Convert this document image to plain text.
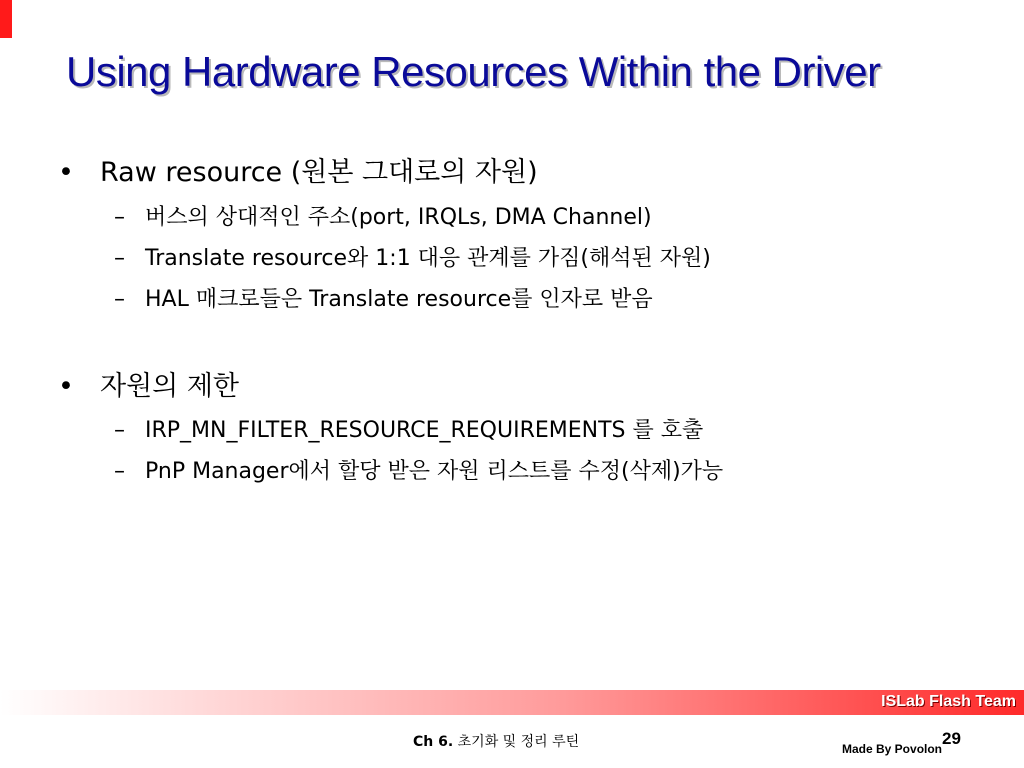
Using Hardware Resources Within the Driver
• Raw resource (원본 그대로의 자원)
– 버스의 상대적인 주소(port, IRQLs, DMA Channel)
– Translate resource와 1:1 대응 관계를 가짐(해석된 자원)
– HAL 매크로들은 Translate resource를 인자로 받음
• 자원의 제한
– IRP_MN_FILTER_RESOURCE_REQUIREMENTS 를 호출
– PnP Manager에서 할당 받은 자원 리스트를 수정(삭제)가능
ISLab Flash Team
Ch 6. 초기화 및 정리 루틴	29
Made By Povolon
